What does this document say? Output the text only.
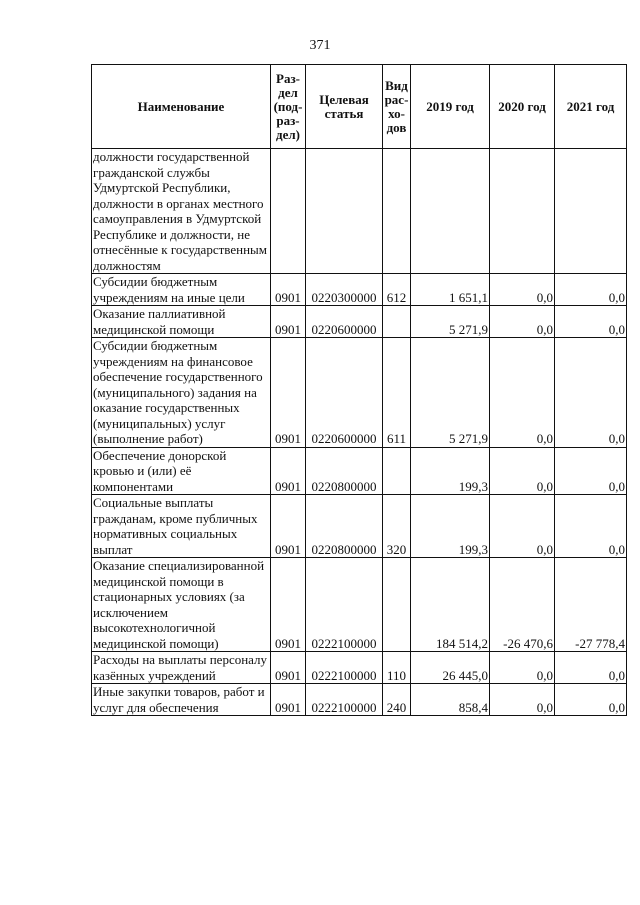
371
Наименование	Раз- дел (под- раз- дел)	Целевая статья	Вид рас- хо- дов	2019 год	2020 год	2021 год
должности государственной гражданской службы Удмуртской Республики, должности в органах местного самоуправления в Удмуртской Республике и должности, не отнесённые к государственным должностям						
Субсидии бюджетным учреждениям на иные цели	0901	0220300000	612	1 651,1	0,0	0,0
Оказание паллиативной медицинской помощи	0901	0220600000		5 271,9	0,0	0,0
Субсидии бюджетным учреждениям на финансовое обеспечение государственного (муниципального) задания на оказание государственных (муниципальных) услуг (выполнение работ)	0901	0220600000	611	5 271,9	0,0	0,0
Обеспечение донорской кровью и (или) её компонентами	0901	0220800000		199,3	0,0	0,0
Социальные выплаты гражданам, кроме публичных нормативных социальных выплат	0901	0220800000	320	199,3	0,0	0,0
Оказание специализированной медицинской помощи в стационарных условиях (за исключением высокотехнологичной медицинской помощи)	0901	0222100000		184 514,2	-26 470,6	-27 778,4
Расходы на выплаты персоналу казённых учреждений	0901	0222100000	110	26 445,0	0,0	0,0
Иные закупки товаров, работ и услуг для обеспечения	0901	0222100000	240	858,4	0,0	0,0
